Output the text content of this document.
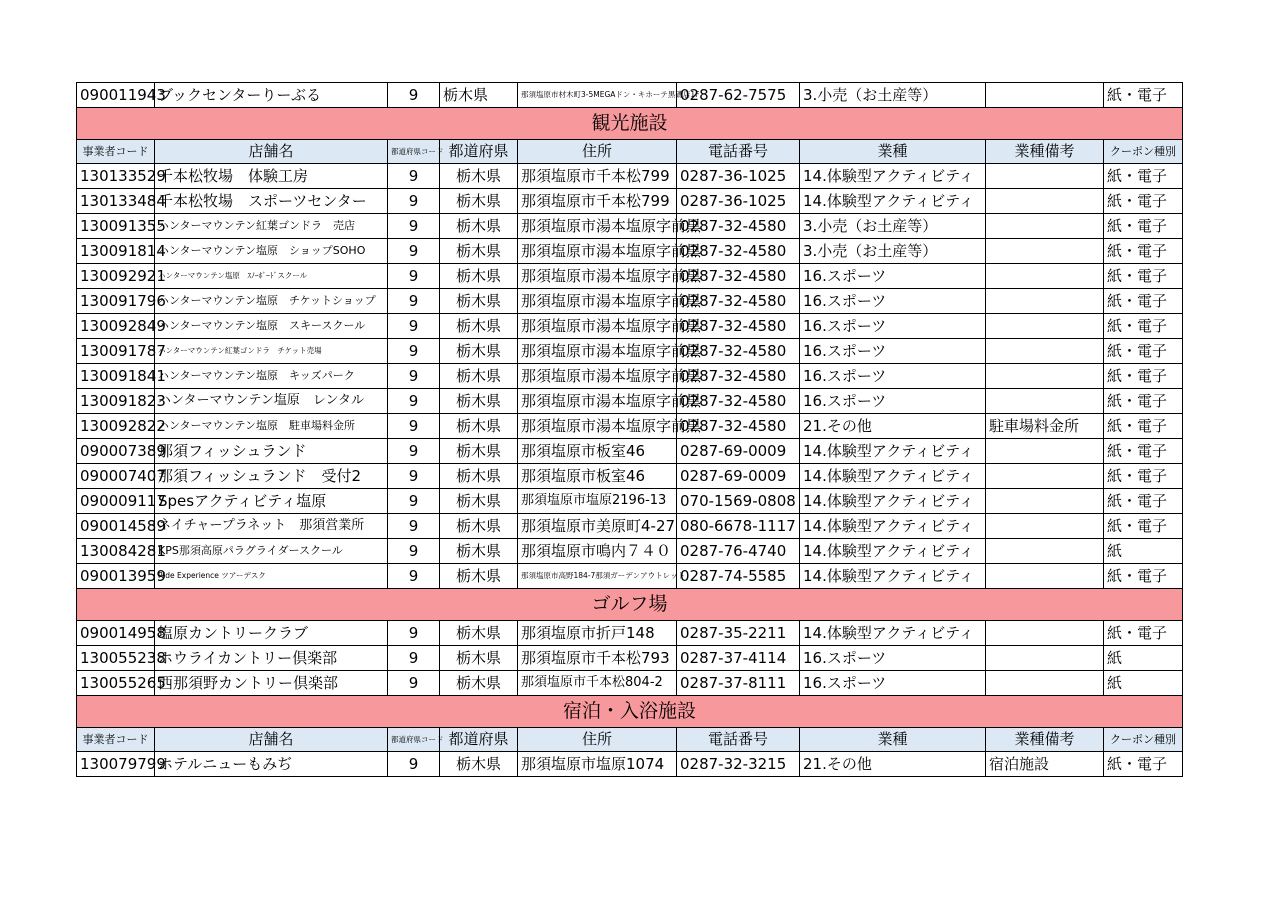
090011943	ブックセンターりーぶる	9	栃木県	那須塩原市材木町3-5MEGAドン・キホーテ黒磯店1F	0287-62-7575	3.小売（お土産等）		紙・電子
観光施設								
事業者コード	店舗名	都道府県コード	都道府県	住所	電話番号	業種	業種備考	クーポン種別
130133529	千本松牧場　体験工房	9	栃木県	那須塩原市千本松799	0287-36-1025	14.体験型アクティビティ		紙・電子
130133484	千本松牧場　スポーツセンター	9	栃木県	那須塩原市千本松799	0287-36-1025	14.体験型アクティビティ		紙・電子
130091355	ハンターマウンテン紅葉ゴンドラ　売店	9	栃木県	那須塩原市湯本塩原字前黒	0287-32-4580	3.小売（お土産等）		紙・電子
130091814	ハンターマウンテン塩原　ショップSOHO	9	栃木県	那須塩原市湯本塩原字前黒	0287-32-4580	3.小売（お土産等）		紙・電子
130092921	ハンターマウンテン塩原　ｽﾉｰﾎﾞｰﾄﾞスクール	9	栃木県	那須塩原市湯本塩原字前黒	0287-32-4580	16.スポーツ		紙・電子
130091796	ハンターマウンテン塩原　チケットショップ	9	栃木県	那須塩原市湯本塩原字前黒	0287-32-4580	16.スポーツ		紙・電子
130092849	ハンターマウンテン塩原　スキースクール	9	栃木県	那須塩原市湯本塩原字前黒	0287-32-4580	16.スポーツ		紙・電子
130091787	ハンターマウンテン紅葉ゴンドラ　チケット売場	9	栃木県	那須塩原市湯本塩原字前黒	0287-32-4580	16.スポーツ		紙・電子
130091841	ハンターマウンテン塩原　キッズパーク	9	栃木県	那須塩原市湯本塩原字前黒	0287-32-4580	16.スポーツ		紙・電子
130091823	ハンターマウンテン塩原　レンタル	9	栃木県	那須塩原市湯本塩原字前黒	0287-32-4580	16.スポーツ		紙・電子
130092822	ハンターマウンテン塩原　駐車場料金所	9	栃木県	那須塩原市湯本塩原字前黒	0287-32-4580	21.その他	駐車場料金所	紙・電子
090007389	那須フィッシュランド	9	栃木県	那須塩原市板室46	0287-69-0009	14.体験型アクティビティ		紙・電子
090007407	那須フィッシュランド　受付2	9	栃木県	那須塩原市板室46	0287-69-0009	14.体験型アクティビティ		紙・電子
090009117	Spesアクティビティ塩原	9	栃木県	那須塩原市塩原2196-13	070-1569-0808	14.体験型アクティビティ		紙・電子
090014589	ネイチャープラネット　那須営業所	9	栃木県	那須塩原市美原町4-27	080-6678-1117	14.体験型アクティビティ		紙・電子
130084281	KPS那須高原パラグライダースクール	9	栃木県	那須塩原市鳴内７４０	0287-76-4740	14.体験型アクティビティ		紙
090013959	Ride Experience ツアーデスク	9	栃木県	那須塩原市高野184-7那須ガーデンアウトレット	0287-74-5585	14.体験型アクティビティ		紙・電子
ゴルフ場								
090014958	塩原カントリークラブ	9	栃木県	那須塩原市折戸148	0287-35-2211	14.体験型アクティビティ		紙・電子
130055238	ホウライカントリー倶楽部	9	栃木県	那須塩原市千本松793	0287-37-4114	16.スポーツ		紙
130055265	西那須野カントリー倶楽部	9	栃木県	那須塩原市千本松804-2	0287-37-8111	16.スポーツ		紙
宿泊・入浴施設								
事業者コード	店舗名	都道府県コード	都道府県	住所	電話番号	業種	業種備考	クーポン種別
130079799	ホテルニューもみぢ	9	栃木県	那須塩原市塩原1074	0287-32-3215	21.その他	宿泊施設	紙・電子
